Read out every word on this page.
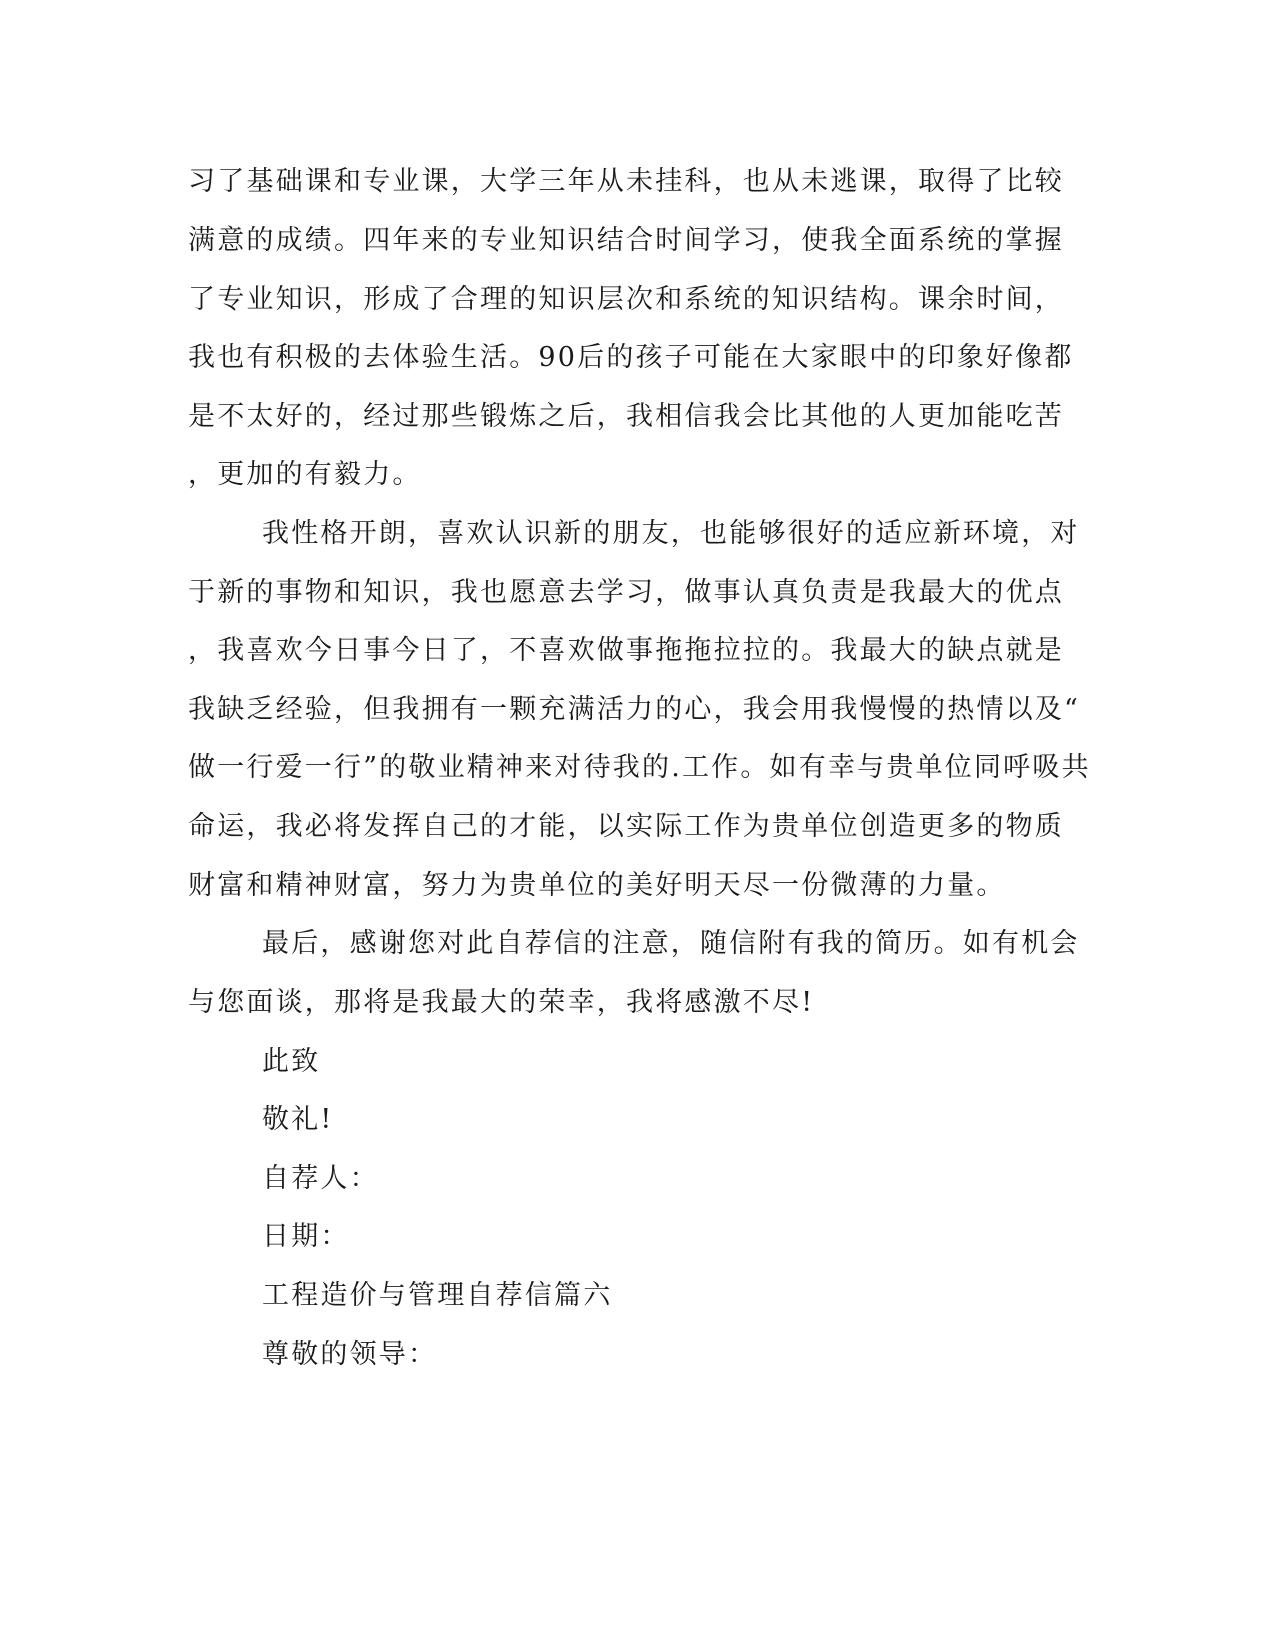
习了基础课和专业课，大学三年从未挂科，也从未逃课，取得了比较
满意的成绩。四年来的专业知识结合时间学习，使我全面系统的掌握
了专业知识，形成了合理的知识层次和系统的知识结构。课余时间，
我也有积极的去体验生活。90后的孩子可能在大家眼中的印象好像都
是不太好的，经过那些锻炼之后，我相信我会比其他的人更加能吃苦
，更加的有毅力。
我性格开朗，喜欢认识新的朋友，也能够很好的适应新环境，对
于新的事物和知识，我也愿意去学习，做事认真负责是我最大的优点
，我喜欢今日事今日了，不喜欢做事拖拖拉拉的。我最大的缺点就是
我缺乏经验，但我拥有一颗充满活力的心，我会用我慢慢的热情以及“
做一行爱一行”的敬业精神来对待我的.工作。如有幸与贵单位同呼吸共
命运，我必将发挥自己的才能，以实际工作为贵单位创造更多的物质
财富和精神财富，努力为贵单位的美好明天尽一份微薄的力量。
最后，感谢您对此自荐信的注意，随信附有我的简历。如有机会
与您面谈，那将是我最大的荣幸，我将感激不尽!
此致
敬礼!
自荐人：
日期：
工程造价与管理自荐信篇六
尊敬的领导：
